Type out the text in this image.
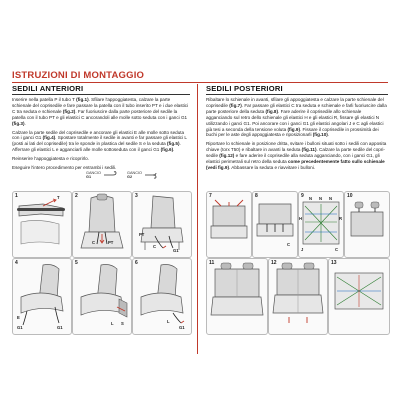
ISTRUZIONI DI MONTAGGIO
SEDILI ANTERIORI

Inserire nella patella P il tubo T (fig.1). Sfilare l'appoggiatesta, calzare la parte schienale del coprisedile e fare passare la patella con il tubo inserito PT e i due elastici C tra seduta e schienale (fig.2). Far fuoriuscire dalla parte posteriore del sedile la patella con il tubo PT e gli elastici C ancorandoli alle molle sotto seduta con i ganci G1 (fig.3).

Calzare la parte sedile del coprisedile e ancorare gli elastici E alle molle sotto seduta con i ganci G1 (fig.4). Spostare totalmente il sedile in avanti e far passare gli elastici L (posti ai lati del coprisedile) tra le sponde in plastica del sedile S e la seduta (fig.5). Afferrare gli elastici L e agganciarli alle molle sottoseduta con il ganci G1 (fig.6).

Reinserire l'appoggiatesta e ricoprirlo.

Eseguire l'intero procedimento per entrambi i sedili.

GANCIO
G1
GANCIO
G2
SEDILI POSTERIORI

Ribaltare lo schienale in avanti, sfilare gli appoggiatesta e calzare la parte schienale del coprisedile (fig.7). Far passare gli elastici C tra seduta e schienale e farli fuoriuscire dalla parte posteriore della seduta (fig.8). Fare aderire il coprisedile allo schienale agganciando sul retro dello schienale gli elastici H e gli elastici R, fissare gli elastici N utilizzando i ganci G1. Poi ancorare con i ganci G1 gli elastici angolari J e C agli elastici già tesi a seconda della tensione voluta (fig.9). Fissare il coprisedile in prossimità dei buchi per le aste degli appoggiatesta e riposizionarli (fig.10).

Riportare lo schienale in posizione dritta, svitare i bulloni situati sotto i sedili con apposita chiave (torx T50) e ribaltare in avanti la seduta (fig.11). Calzare la parte sedile del coprisedile (fig.12) e fare aderire il coprisedile alla seduta agganciando, con i ganci G1, gli elastici perimetrali sul retro della seduta come precedentemente fatto sullo schienale (vedi fig.9). Abbassare la seduta e riavvitare i bulloni.

1	T	2
C	PT
3
PT
C
G1
4
E
G1	G1
5
S
L
6
L
G1
7	8
C
9 N N N
H	R
J	C
10
11	12	13
